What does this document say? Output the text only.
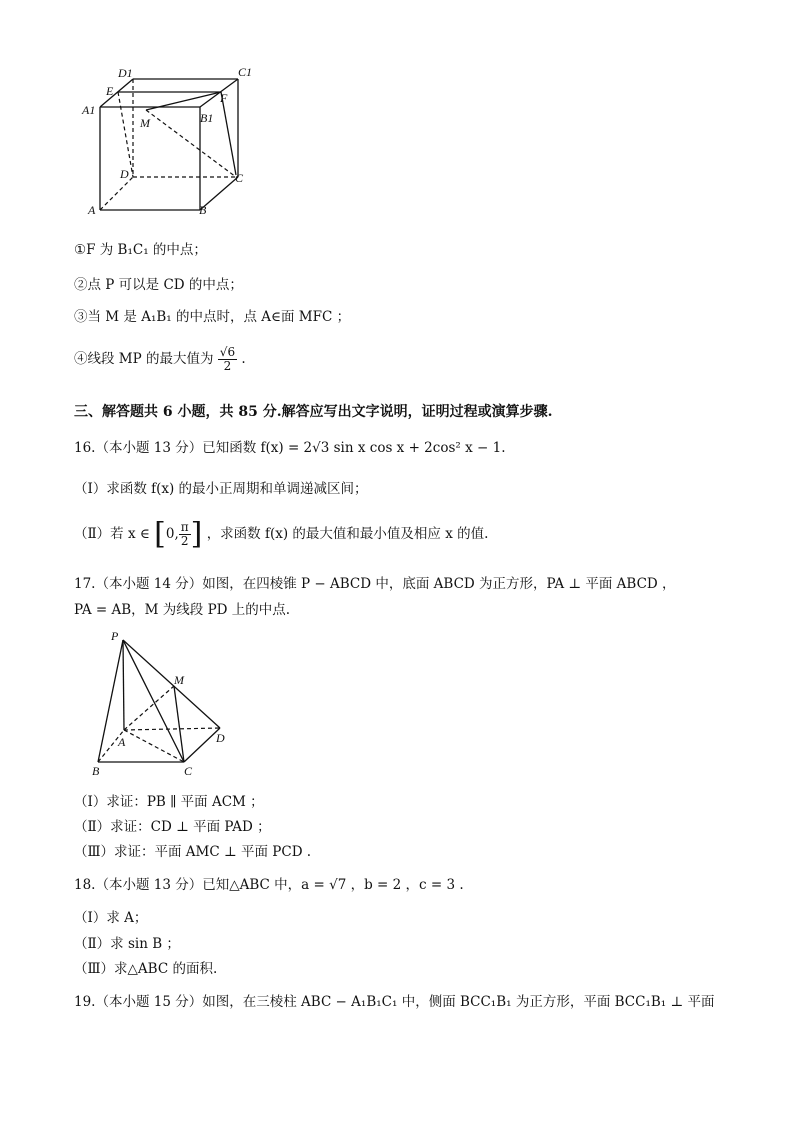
D1	C1
E	F
A1
M	B1
D	C
A	B
①F 为 B₁C₁ 的中点；
②点 P 可以是 CD 的中点；
③当 M 是 A₁B₁ 的中点时，点 A∈面 MFC ；
④线段 MP 的最大值为 $\frac{√6}{2}$ .
三、解答题共 6 小题，共 85 分.解答应写出文字说明，证明过程或演算步骤.
16.（本小题 13 分）已知函数 f(x) = 2√3 sin x cos x + 2cos² x − 1.
（Ⅰ）求函数 f(x) 的最小正周期和单调递减区间；
（Ⅱ）若 x ∈ [0, $\frac{\pi}{2}$ ] ，求函数 f(x) 的最大值和最小值及相应 x 的值.
17.（本小题 14 分）如图，在四棱锥 P − ABCD 中，底面 ABCD 为正方形，PA ⊥ 平面 ABCD ，
PA = AB，M 为线段 PD 上的中点.
P
M
A	D
B	C
（Ⅰ）求证：PB ∥ 平面 ACM ；
（Ⅱ）求证：CD ⊥ 平面 PAD ；
（Ⅲ）求证：平面 AMC ⊥ 平面 PCD .
18.（本小题 13 分）已知△ABC 中，a = √7 ，b = 2 ，c = 3 .
（Ⅰ）求 A；
（Ⅱ）求 sin B ；
（Ⅲ）求△ABC 的面积.
19.（本小题 15 分）如图，在三棱柱 ABC − A₁B₁C₁ 中，侧面 BCC₁B₁ 为正方形，平面 BCC₁B₁ ⊥ 平面
